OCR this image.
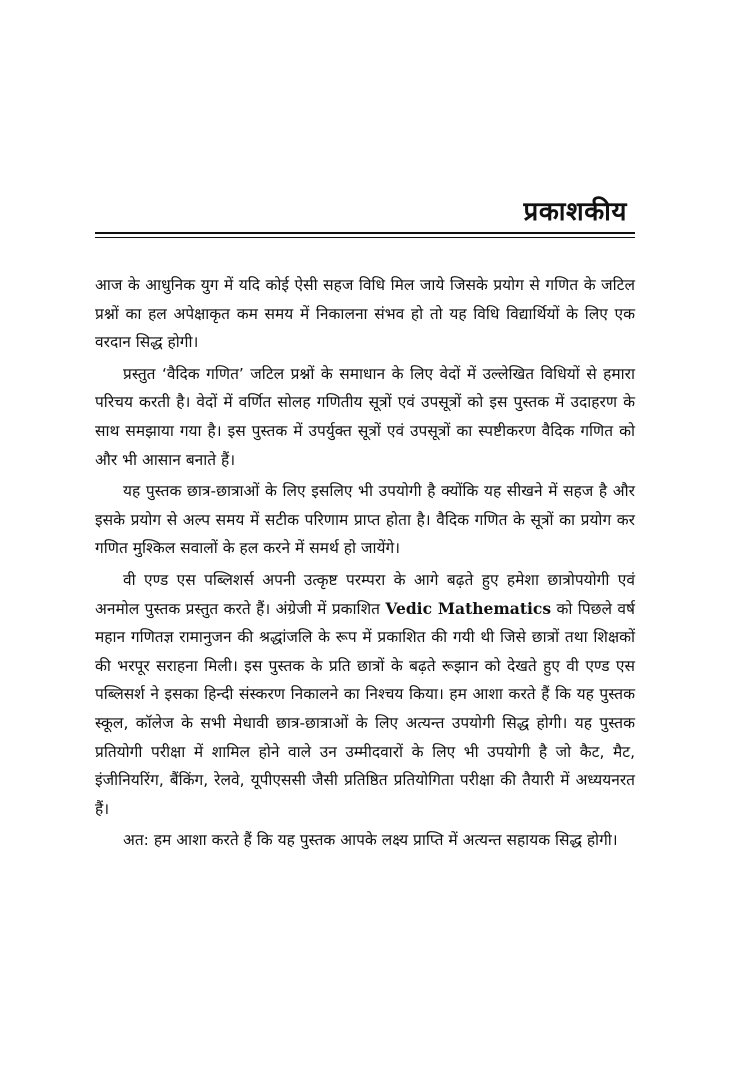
प्रकाशकीय

आज के आधुनिक युग में यदि कोई ऐसी सहज विधि मिल जाये जिसके प्रयोग से गणित के जटिल प्रश्नों का हल अपेक्षाकृत कम समय में निकालना संभव हो तो यह विधि विद्यार्थियों के लिए एक वरदान सिद्ध होगी।

प्रस्तुत ‘वैदिक गणित’ जटिल प्रश्नों के समाधान के लिए वेदों में उल्लेखित विधियों से हमारा परिचय करती है। वेदों में वर्णित सोलह गणितीय सूत्रों एवं उपसूत्रों को इस पुस्तक में उदाहरण के साथ समझाया गया है। इस पुस्तक में उपर्युक्त सूत्रों एवं उपसूत्रों का स्पष्टीकरण वैदिक गणित को और भी आसान बनाते हैं।

यह पुस्तक छात्र-छात्राओं के लिए इसलिए भी उपयोगी है क्योंकि यह सीखने में सहज है और इसके प्रयोग से अल्प समय में सटीक परिणाम प्राप्त होता है। वैदिक गणित के सूत्रों का प्रयोग कर गणित मुश्किल सवालों के हल करने में समर्थ हो जायेंगे।

वी एण्ड एस पब्लिशर्स अपनी उत्कृष्ट परम्परा के आगे बढ़ते हुए हमेशा छात्रोपयोगी एवं अनमोल पुस्तक प्रस्तुत करते हैं। अंग्रेजी में प्रकाशित Vedic Mathematics को पिछले वर्ष महान गणितज्ञ रामानुजन की श्रद्धांजलि के रूप में प्रकाशित की गयी थी जिसे छात्रों तथा शिक्षकों की भरपूर सराहना मिली। इस पुस्तक के प्रति छात्रों के बढ़ते रूझान को देखते हुए वी एण्ड एस पब्लिसर्श ने इसका हिन्दी संस्करण निकालने का निश्चय किया। हम आशा करते हैं कि यह पुस्तक स्कूल, कॉलेज के सभी मेधावी छात्र-छात्राओं के लिए अत्यन्त उपयोगी सिद्ध होगी। यह पुस्तक प्रतियोगी परीक्षा में शामिल होने वाले उन उम्मीदवारों के लिए भी उपयोगी है जो कैट, मैट, इंजीनियरिंग, बैंकिंग, रेलवे, यूपीएससी जैसी प्रतिष्ठित प्रतियोगिता परीक्षा की तैयारी में अध्ययनरत हैं।

अत: हम आशा करते हैं कि यह पुस्तक आपके लक्ष्य प्राप्ति में अत्यन्त सहायक सिद्ध होगी।
